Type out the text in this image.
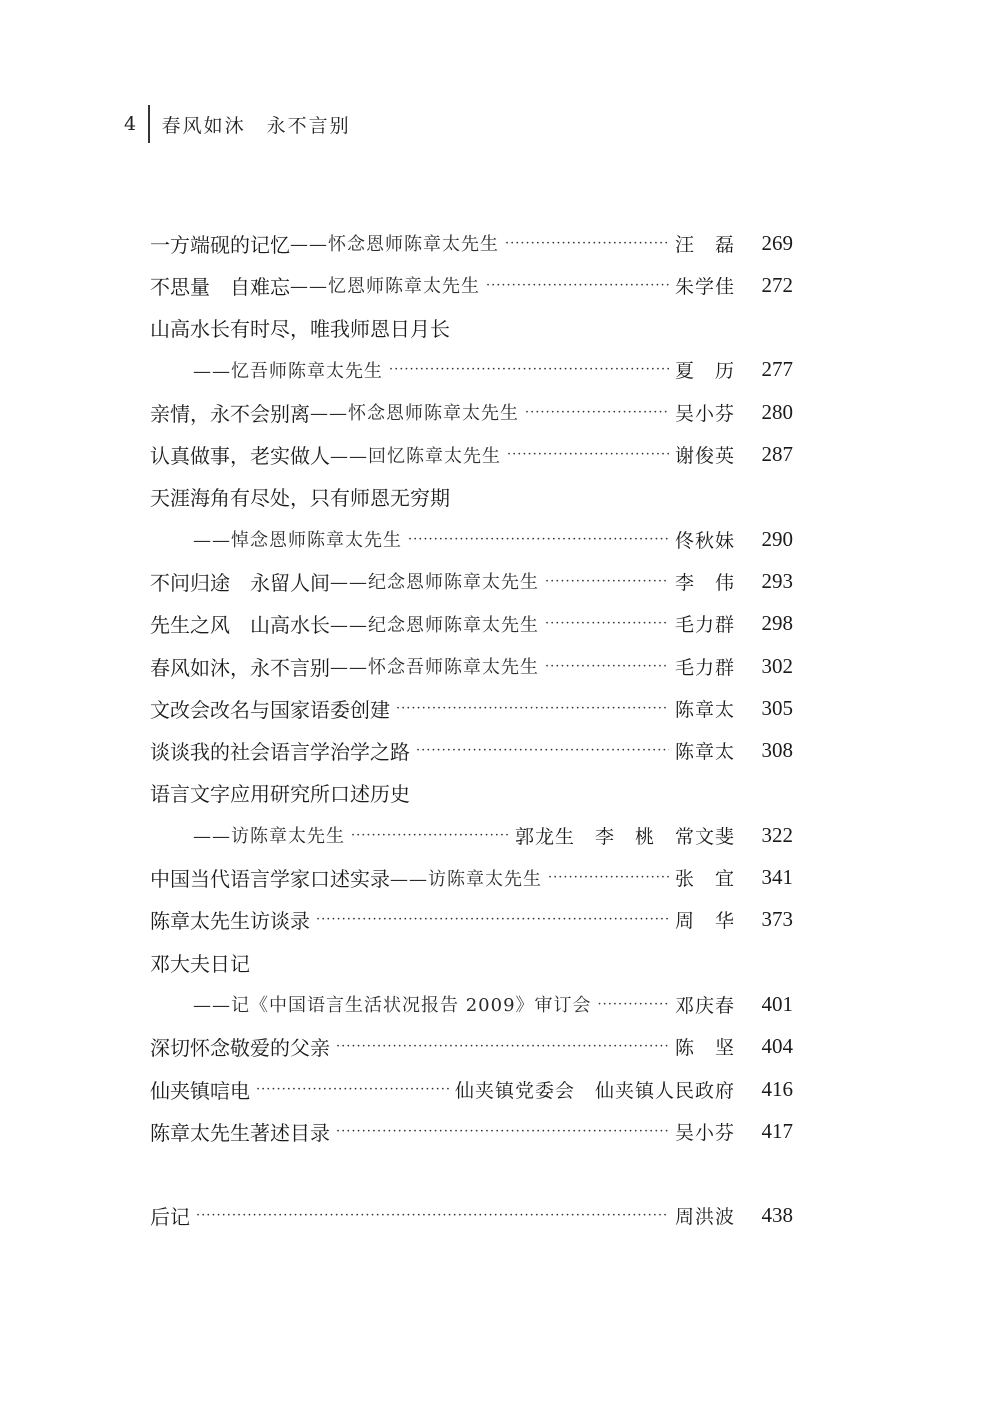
4	春风如沐　永不言别
一方端砚的记忆 ——怀念恩师陈章太先生 ·····	汪　磊	269
不思量　自难忘 ——忆恩师陈章太先生 ·····	朱学佳	272
山高水长有时尽，唯我师恩日月长
——忆吾师陈章太先生 ·····	夏　历	277
亲情，永不会别离 ——怀念恩师陈章太先生 ·····	吴小芬	280
认真做事，老实做人 ——回忆陈章太先生 ·····	谢俊英	287
天涯海角有尽处，只有师恩无穷期
——悼念恩师陈章太先生 ·····	佟秋妹	290
不问归途　永留人间 ——纪念恩师陈章太先生 ·····	李　伟	293
先生之风　山高水长 ——纪念恩师陈章太先生 ·····	毛力群	298
春风如沐，永不言别 ——怀念吾师陈章太先生 ·····	毛力群	302
文改会改名与国家语委创建 ·····	陈章太	305
谈谈我的社会语言学治学之路 ·····	陈章太	308
语言文字应用研究所口述历史
——访陈章太先生 ·····	郭龙生　李　桃　常文斐	322
中国当代语言学家口述实录 ——访陈章太先生 ·····	张　宜	341
陈章太先生访谈录 ·····	周　华	373
邓大夫日记
——记《中国语言生活状况报告 2009》审订会 ·····	邓庆春	401
深切怀念敬爱的父亲 ·····	陈　坚	404
仙夹镇唁电 ·····	仙夹镇党委会　仙夹镇人民政府	416
陈章太先生著述目录 ·····	吴小芬	417
后记 ·····	周洪波	438
